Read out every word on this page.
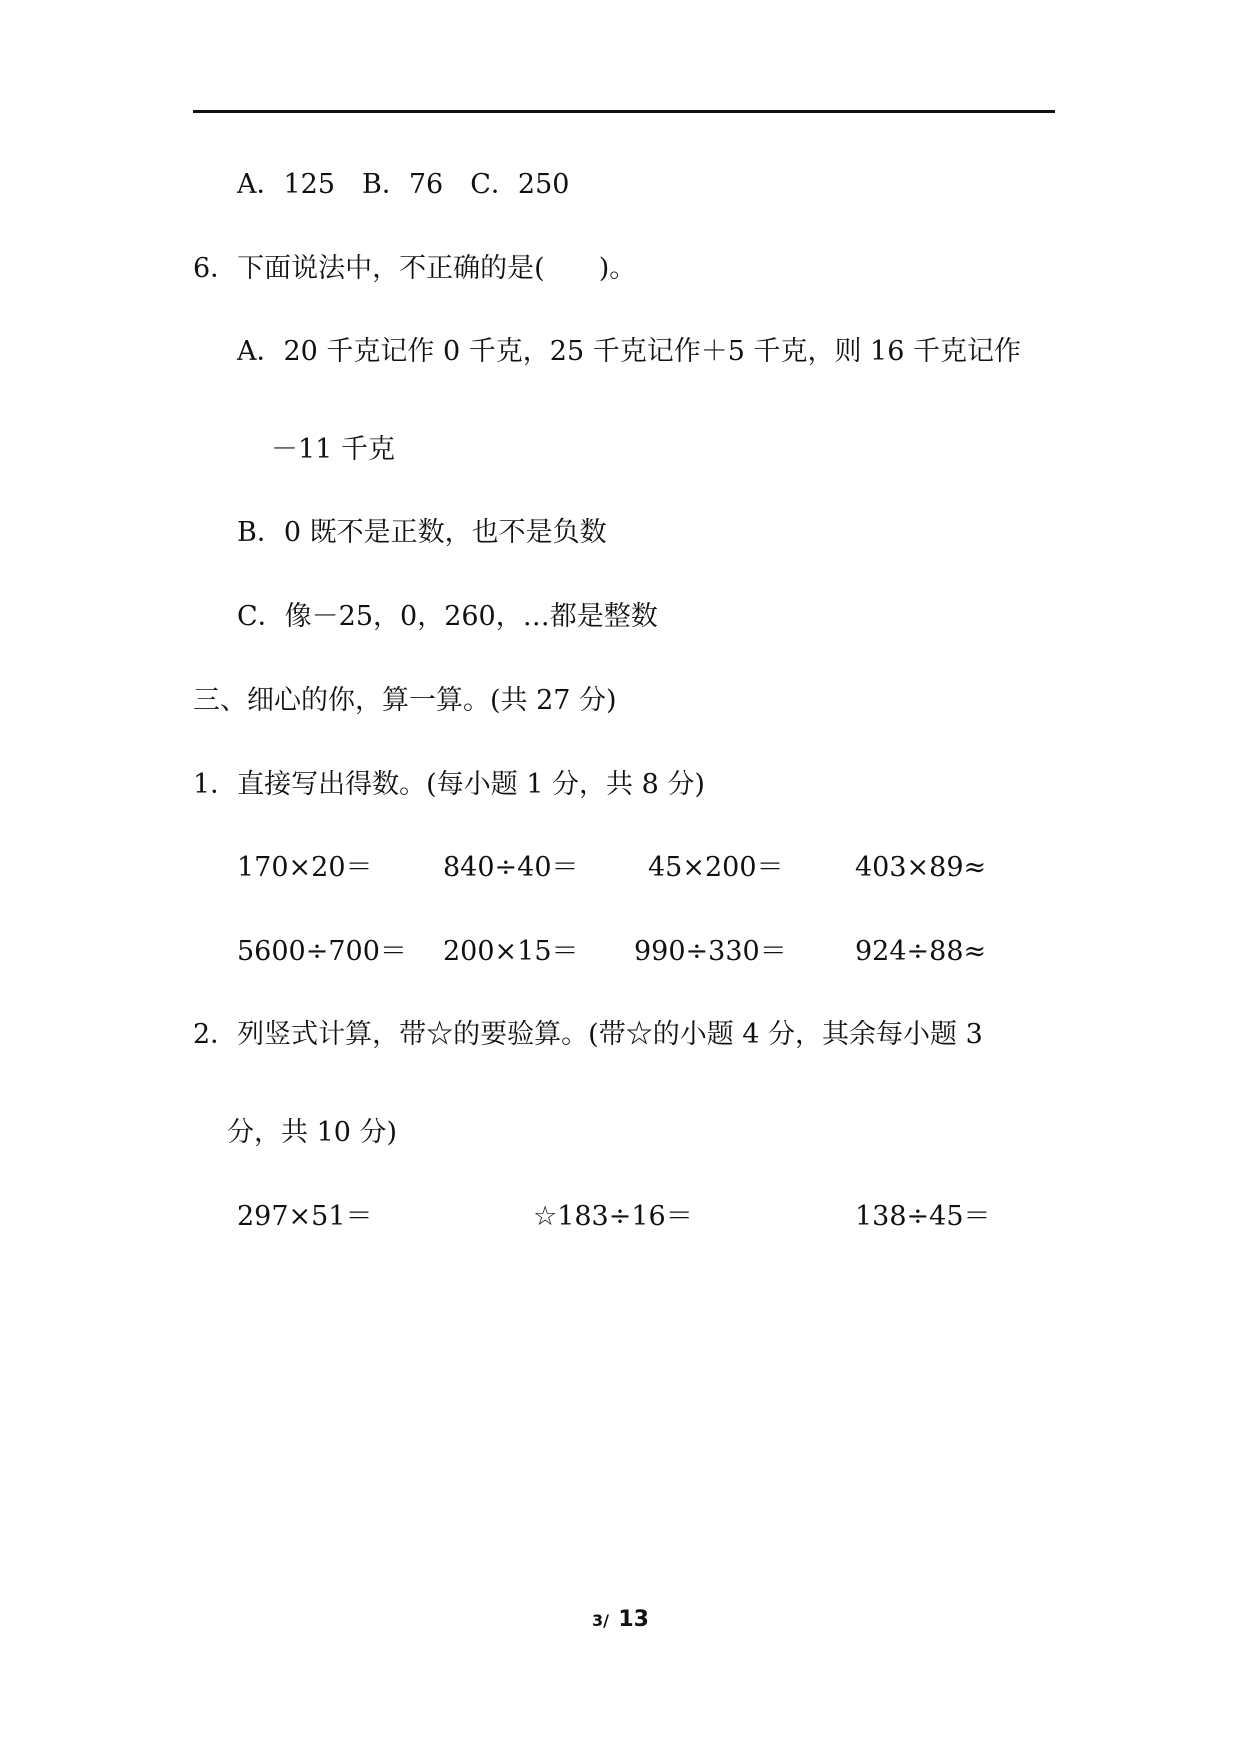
A．125　B．76　C．250
6．下面说法中，不正确的是(　　)。
A．20 千克记作 0 千克，25 千克记作＋5 千克，则 16 千克记作
－11 千克
B．0 既不是正数，也不是负数
C．像－25，0，260，…都是整数
三、细心的你，算一算。(共 27 分)
1．直接写出得数。(每小题 1 分，共 8 分)
170×20＝	840÷40＝	45×200＝	403×89≈
5600÷700＝ 200×15＝ 990÷330＝	924÷88≈
2．列竖式计算，带☆的要验算。(带☆的小题 4 分，其余每小题 3
分，共 10 分)
297×51＝	☆183÷16＝	138÷45＝
3/ 13
